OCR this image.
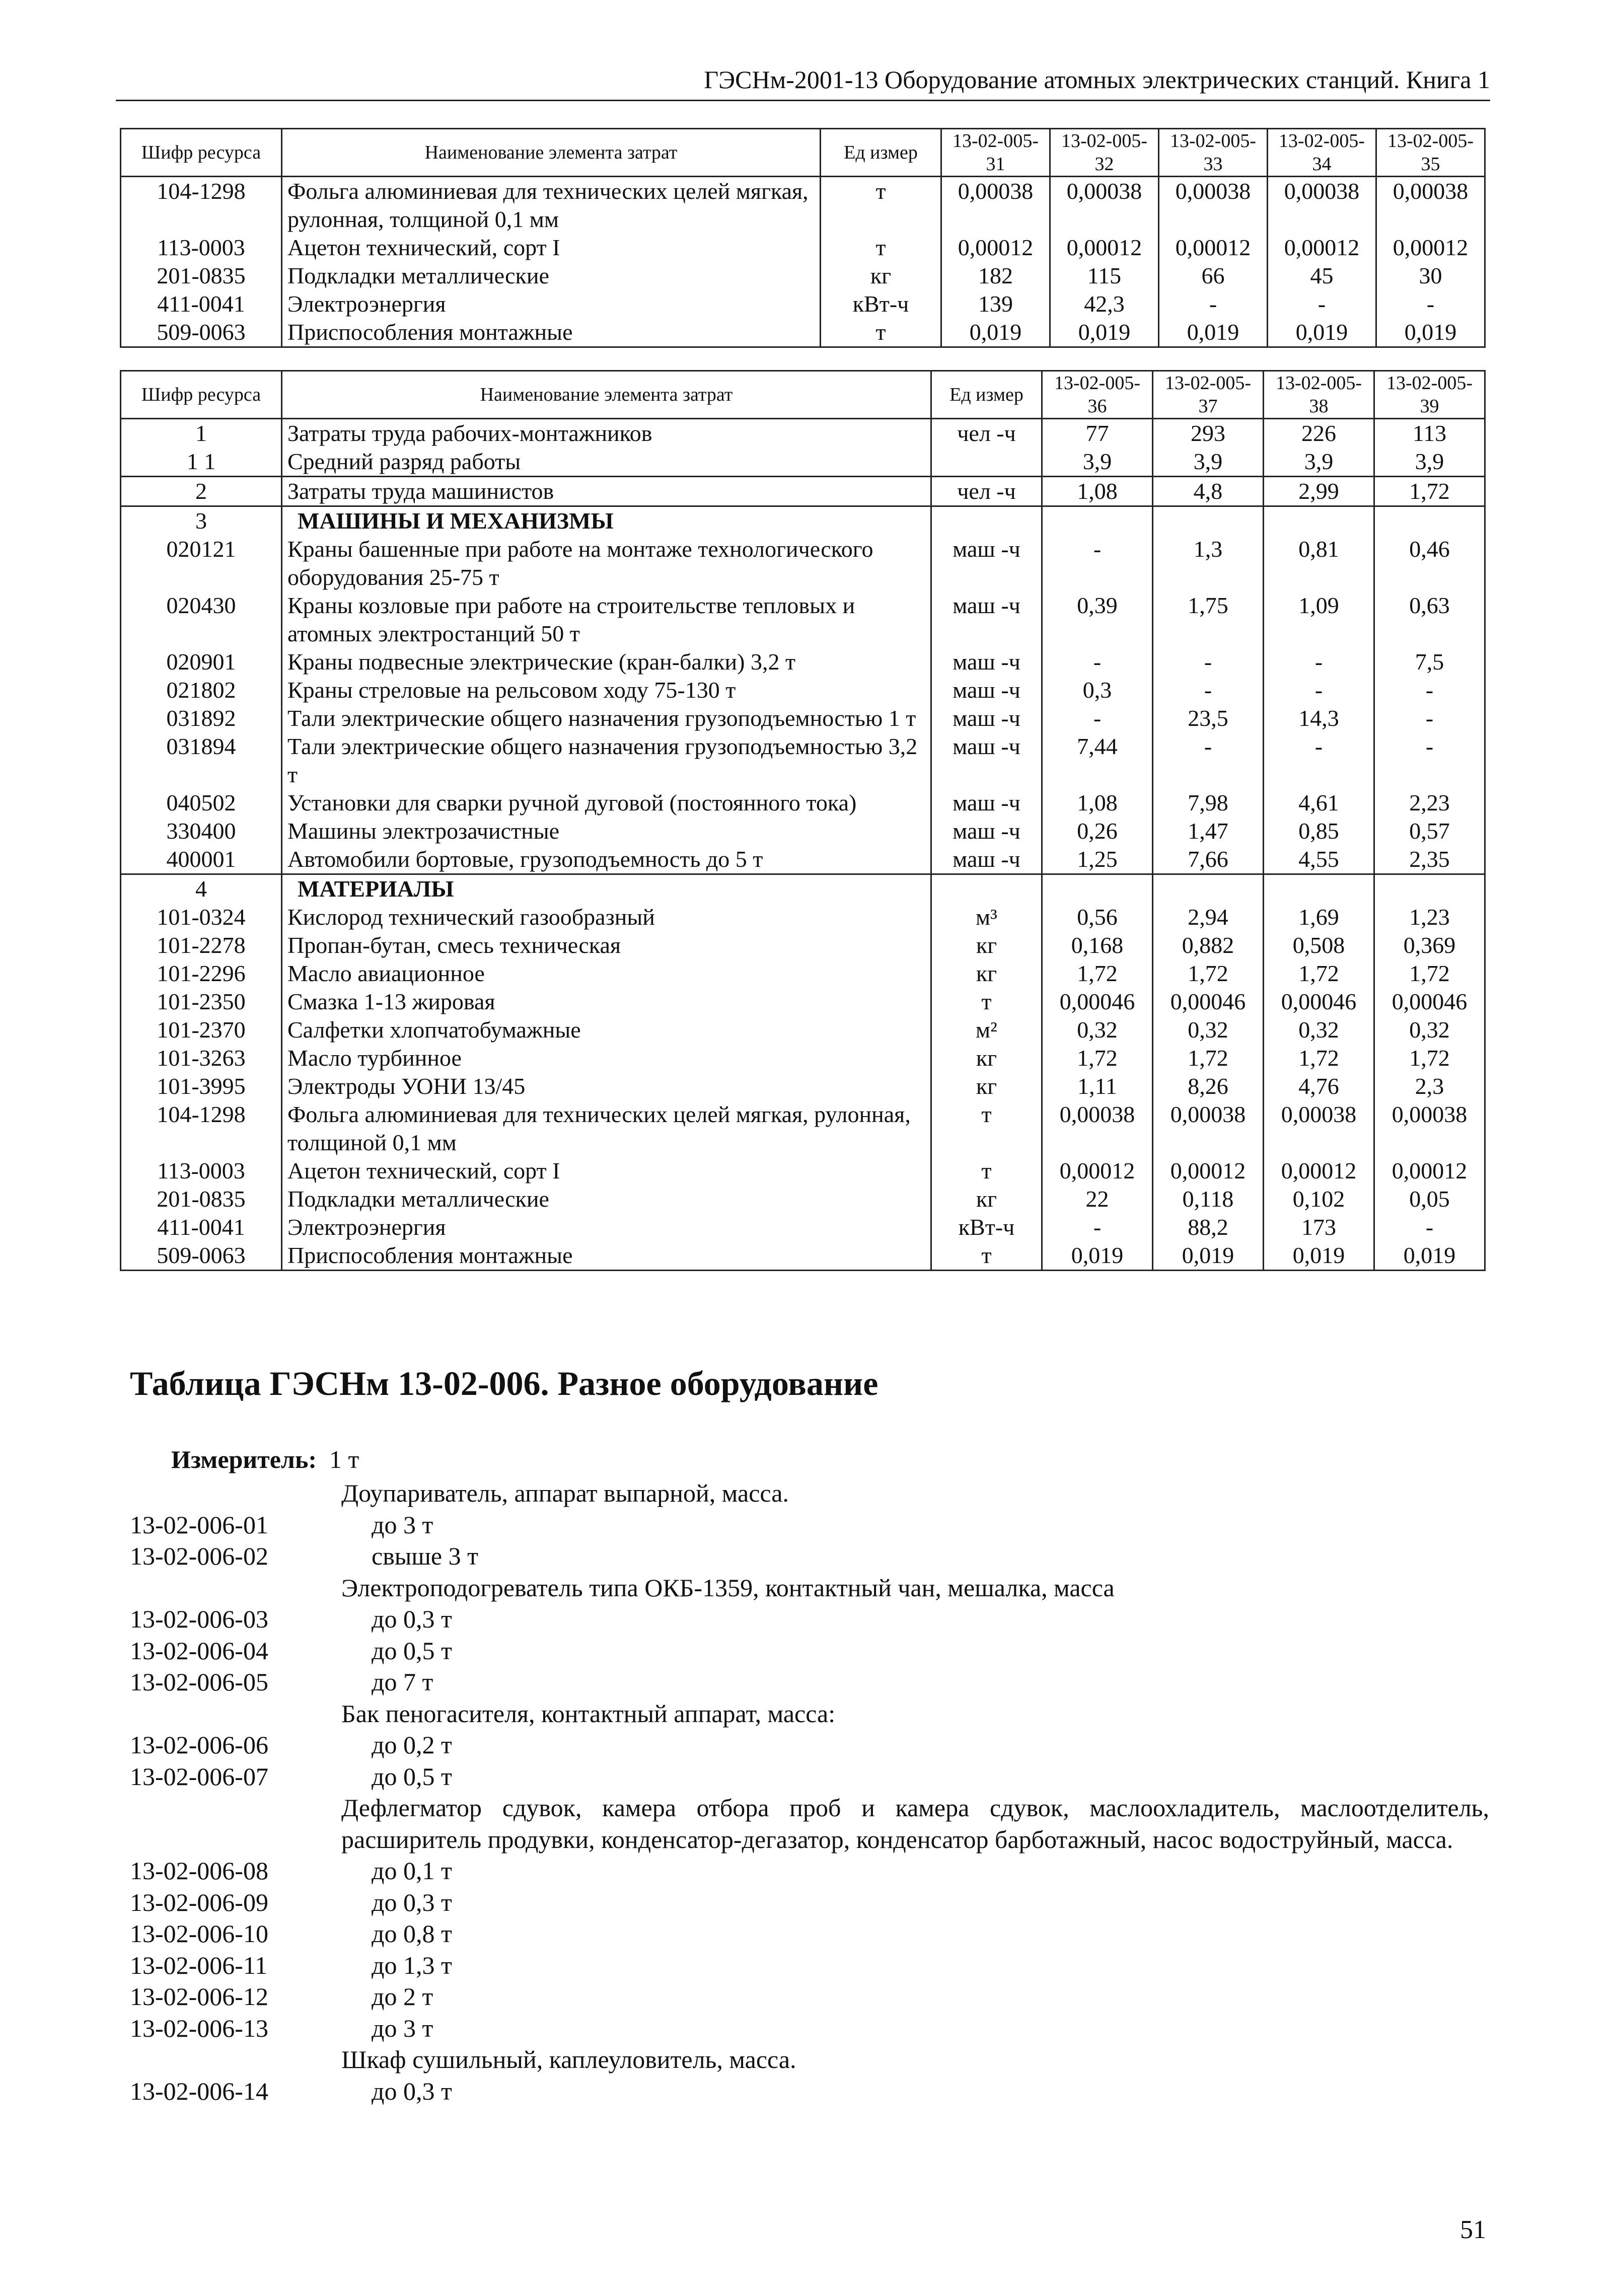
ГЭСНм-2001-13 Оборудование атомных электрических станций. Книга 1
Шифр ресурса	Наименование элемента затрат	Ед измер	13-02-005-31	13-02-005-32	13-02-005-33	13-02-005-34	13-02-005-35
104-1298	Фольга алюминиевая для технических целей мягкая, рулонная, толщиной 0,1 мм	т	0,00038	0,00038	0,00038	0,00038	0,00038
113-0003	Ацетон технический, сорт I	т	0,00012	0,00012	0,00012	0,00012	0,00012
201-0835	Подкладки металлические	кг	182	115	66	45	30
411-0041	Электроэнергия	кВт-ч	139	42,3	-	-	-
509-0063	Приспособления монтажные	т	0,019	0,019	0,019	0,019	0,019
Шифр ресурса	Наименование элемента затрат	Ед измер	13-02-005-36	13-02-005-37	13-02-005-38	13-02-005-39
1	Затраты труда рабочих-монтажников	чел -ч	77	293	226	113
1 1	Средний разряд работы		3,9	3,9	3,9	3,9
2	Затраты труда машинистов	чел -ч	1,08	4,8	2,99	1,72
3	МАШИНЫ И МЕХАНИЗМЫ					
020121	Краны башенные при работе на монтаже технологического оборудования 25-75 т	маш -ч	-	1,3	0,81	0,46
020430	Краны козловые при работе на строительстве тепловых и атомных электростанций 50 т	маш -ч	0,39	1,75	1,09	0,63
020901	Краны подвесные электрические (кран-балки) 3,2 т	маш -ч	-	-	-	7,5
021802	Краны стреловые на рельсовом ходу 75-130 т	маш -ч	0,3	-	-	-
031892	Тали электрические общего назначения грузоподъемностью 1 т	маш -ч	-	23,5	14,3	-
031894	Тали электрические общего назначения грузоподъемностью 3,2 т	маш -ч	7,44	-	-	-
040502	Установки для сварки ручной дуговой (постоянного тока)	маш -ч	1,08	7,98	4,61	2,23
330400	Машины электрозачистные	маш -ч	0,26	1,47	0,85	0,57
400001	Автомобили бортовые, грузоподъемность до 5 т	маш -ч	1,25	7,66	4,55	2,35
4	МАТЕРИАЛЫ					
101-0324	Кислород технический газообразный	м³	0,56	2,94	1,69	1,23
101-2278	Пропан-бутан, смесь техническая	кг	0,168	0,882	0,508	0,369
101-2296	Масло авиационное	кг	1,72	1,72	1,72	1,72
101-2350	Смазка 1-13 жировая	т	0,00046	0,00046	0,00046	0,00046
101-2370	Салфетки хлопчатобумажные	м²	0,32	0,32	0,32	0,32
101-3263	Масло турбинное	кг	1,72	1,72	1,72	1,72
101-3995	Электроды УОНИ 13/45	кг	1,11	8,26	4,76	2,3
104-1298	Фольга алюминиевая для технических целей мягкая, рулонная, толщиной 0,1 мм	т	0,00038	0,00038	0,00038	0,00038
113-0003	Ацетон технический, сорт I	т	0,00012	0,00012	0,00012	0,00012
201-0835	Подкладки металлические	кг	22	0,118	0,102	0,05
411-0041	Электроэнергия	кВт-ч	-	88,2	173	-
509-0063	Приспособления монтажные	т	0,019	0,019	0,019	0,019
Таблица ГЭСНм 13-02-006. Разное оборудование
Измеритель: 1 т
Доупариватель, аппарат выпарной, масса.
13-02-006-01	до 3 т
13-02-006-02	свыше 3 т
Электроподогреватель типа ОКБ-1359, контактный чан, мешалка, масса
13-02-006-03	до 0,3 т
13-02-006-04	до 0,5 т
13-02-006-05	до 7 т
Бак пеногасителя, контактный аппарат, масса:
13-02-006-06	до 0,2 т
13-02-006-07	до 0,5 т
Дефлегматор сдувок, камера отбора проб и камера сдувок, маслоохладитель, маслоотделитель, расширитель продувки, конденсатор-дегазатор, конденсатор барботажный, насос водоструйный, масса.
13-02-006-08	до 0,1 т
13-02-006-09	до 0,3 т
13-02-006-10	до 0,8 т
13-02-006-11	до 1,3 т
13-02-006-12	до 2 т
13-02-006-13	до 3 т
Шкаф сушильный, каплеуловитель, масса.
13-02-006-14	до 0,3 т
51
